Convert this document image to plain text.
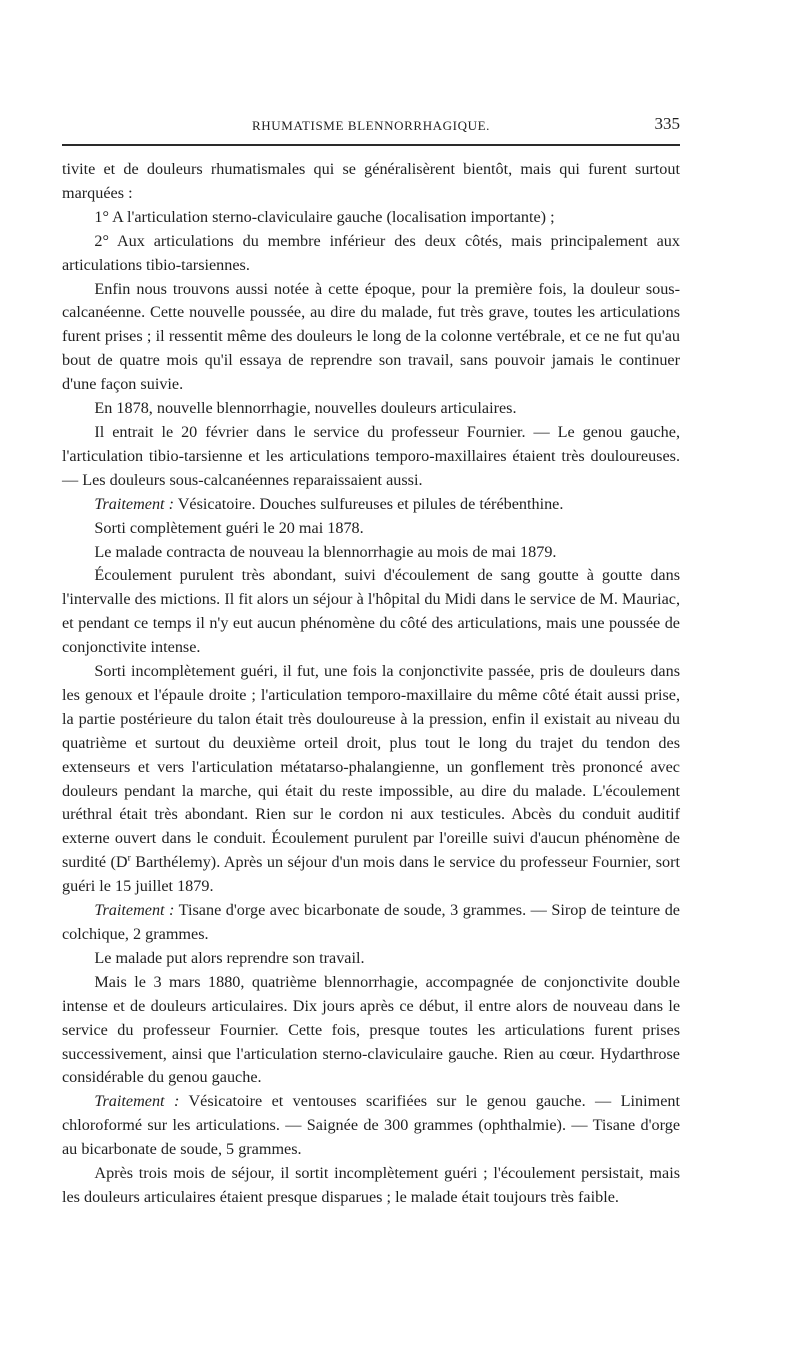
RHUMATISME BLENNORRHAGIQUE.	335

tivite et de douleurs rhumatismales qui se généralisèrent bientôt, mais qui furent surtout marquées :

1° A l'articulation sterno-claviculaire gauche (localisation importante) ;

2° Aux articulations du membre inférieur des deux côtés, mais principalement aux articulations tibio-tarsiennes.

Enfin nous trouvons aussi notée à cette époque, pour la première fois, la douleur sous-calcanéenne. Cette nouvelle poussée, au dire du malade, fut très grave, toutes les articulations furent prises ; il ressentit même des douleurs le long de la colonne vertébrale, et ce ne fut qu'au bout de quatre mois qu'il essaya de reprendre son travail, sans pouvoir jamais le continuer d'une façon suivie.

En 1878, nouvelle blennorrhagie, nouvelles douleurs articulaires.

Il entrait le 20 février dans le service du professeur Fournier. — Le genou gauche, l'articulation tibio-tarsienne et les articulations temporo-maxillaires étaient très douloureuses. — Les douleurs sous-calcanéennes reparaissaient aussi.

Traitement : Vésicatoire. Douches sulfureuses et pilules de térébenthine.

Sorti complètement guéri le 20 mai 1878.

Le malade contracta de nouveau la blennorrhagie au mois de mai 1879.

Écoulement purulent très abondant, suivi d'écoulement de sang goutte à goutte dans l'intervalle des mictions. Il fit alors un séjour à l'hôpital du Midi dans le service de M. Mauriac, et pendant ce temps il n'y eut aucun phénomène du côté des articulations, mais une poussée de conjonctivite intense.

Sorti incomplètement guéri, il fut, une fois la conjonctivite passée, pris de douleurs dans les genoux et l'épaule droite ; l'articulation temporo-maxillaire du même côté était aussi prise, la partie postérieure du talon était très douloureuse à la pression, enfin il existait au niveau du quatrième et surtout du deuxième orteil droit, plus tout le long du trajet du tendon des extenseurs et vers l'articulation métatarso-phalangienne, un gonflement très prononcé avec douleurs pendant la marche, qui était du reste impossible, au dire du malade. L'écoulement uréthral était très abondant. Rien sur le cordon ni aux testicules. Abcès du conduit auditif externe ouvert dans le conduit. Écoulement purulent par l'oreille suivi d'aucun phénomène de surdité ($D^r$ Barthélemy). Après un séjour d'un mois dans le service du professeur Fournier, sort guéri le 15 juillet 1879.

Traitement : Tisane d'orge avec bicarbonate de soude, 3 grammes. — Sirop de teinture de colchique, 2 grammes.

Le malade put alors reprendre son travail.

Mais le 3 mars 1880, quatrième blennorrhagie, accompagnée de conjonctivite double intense et de douleurs articulaires. Dix jours après ce début, il entre alors de nouveau dans le service du professeur Fournier. Cette fois, presque toutes les articulations furent prises successivement, ainsi que l'articulation sterno-claviculaire gauche. Rien au cœur. Hydarthrose considérable du genou gauche.

Traitement : Vésicatoire et ventouses scarifiées sur le genou gauche. — Liniment chloroformé sur les articulations. — Saignée de 300 grammes (ophthalmie). — Tisane d'orge au bicarbonate de soude, 5 grammes.

Après trois mois de séjour, il sortit incomplètement guéri ; l'écoulement persistait, mais les douleurs articulaires étaient presque disparues ; le malade était toujours très faible.
